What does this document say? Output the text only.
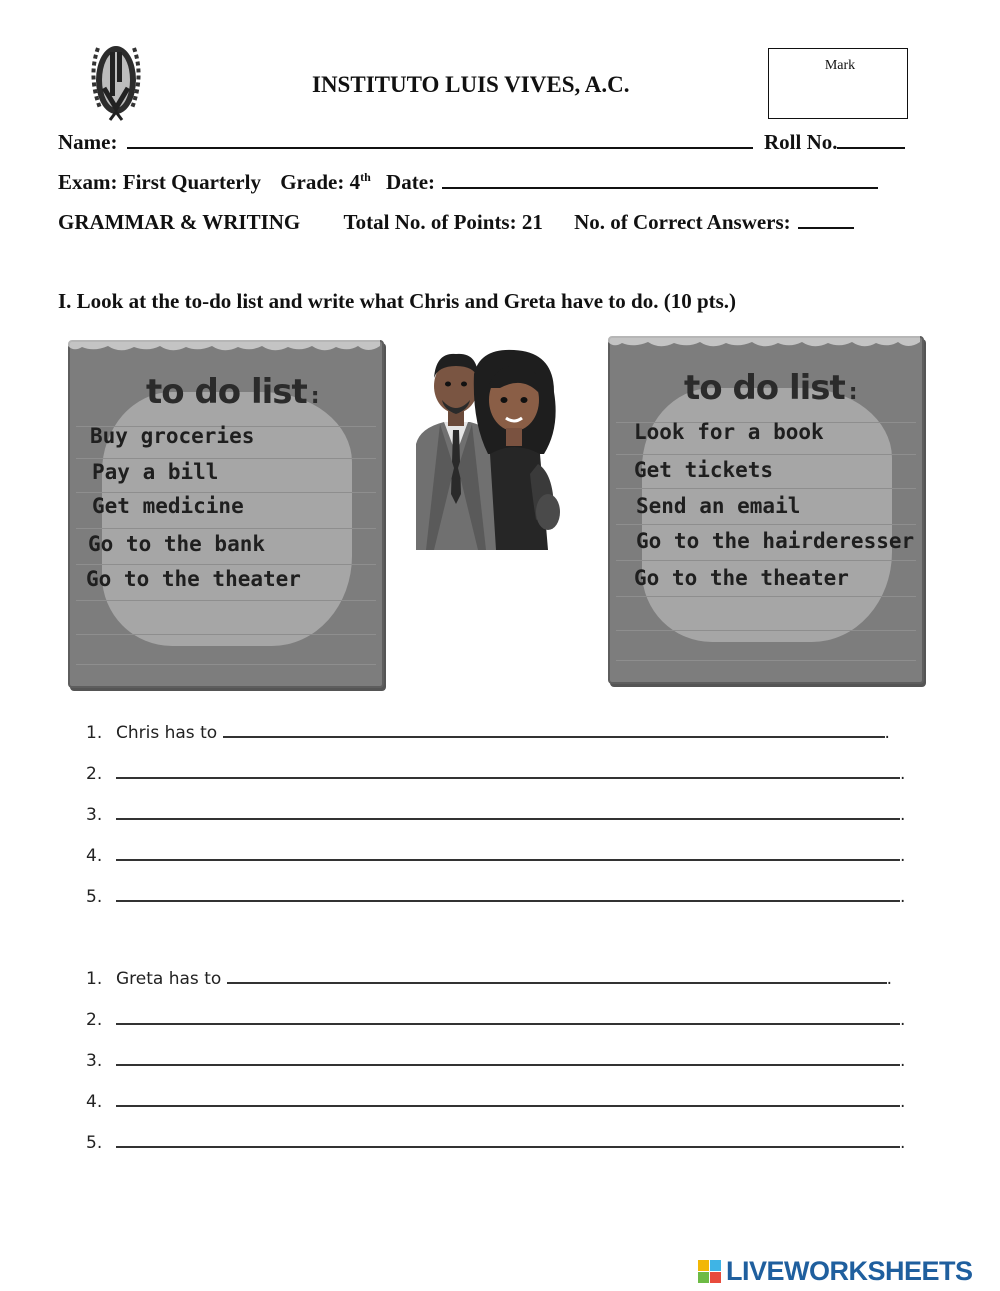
INSTITUTO LUIS VIVES, A.C.
Mark
Name:	Roll No.
Exam: First Quarterly Grade: 4th Date:
GRAMMAR & WRITING Total No. of Points: 21 No. of Correct Answers:
I. Look at the to-do list and write what Chris and Greta have to do. (10 pts.)
to do list :
Buy groceries
Pay a bill
Get medicine
Go to the bank
Go to the theater
to do list :
Look for a book
Get tickets
Send an email
Go to the hairderesser
Go to the theater
1. Chris has to	.
2.	.
3.	.
4.	.
5.	.
1. Greta has to	.
2.	.
3.	.
4.	.
5.	.
LIVEWORKSHEETS
